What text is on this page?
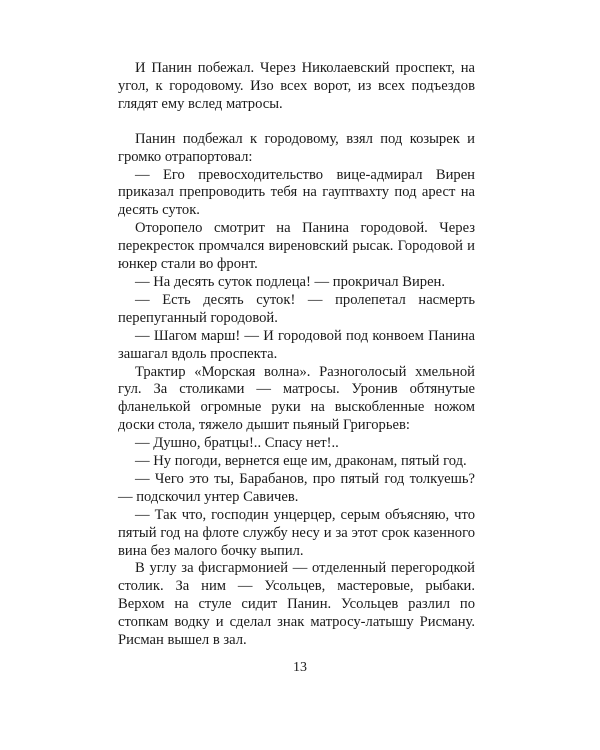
И Панин побежал. Через Николаевский проспект, на угол, к городовому. Изо всех ворот, из всех подъездов глядят ему вслед матросы.

Панин подбежал к городовому, взял под козырек и громко отрапортовал:

— Его превосходительство вице-адмирал Вирен приказал препроводить тебя на гауптвахту под арест на десять суток.

Оторопело смотрит на Панина городовой. Через перекресток промчался виреновский рысак. Городовой и юнкер стали во фронт.

— На десять суток подлеца! — прокричал Вирен.

— Есть десять суток! — пролепетал насмерть перепуганный городовой.

— Шагом марш! — И городовой под конвоем Панина зашагал вдоль проспекта.

Трактир «Морская волна». Разноголосый хмельной гул. За столиками — матросы. Уронив обтянутые фланелькой огромные руки на выскобленные ножом доски стола, тяжело дышит пьяный Григорьев:

— Душно, братцы!.. Спасу нет!..

— Ну погоди, вернется еще им, драконам, пятый год.

— Чего это ты, Барабанов, про пятый год толкуешь? — подскочил унтер Савичев.

— Так что, господин унцерцер, серым объясняю, что пятый год на флоте службу несу и за этот срок казенного вина без малого бочку выпил.

В углу за фисгармонией — отделенный перегородкой столик. За ним — Усольцев, мастеровые, рыбаки. Верхом на стуле сидит Панин. Усольцев разлил по стопкам водку и сделал знак матросу-латышу Рисману. Рисман вышел в зал.

13
